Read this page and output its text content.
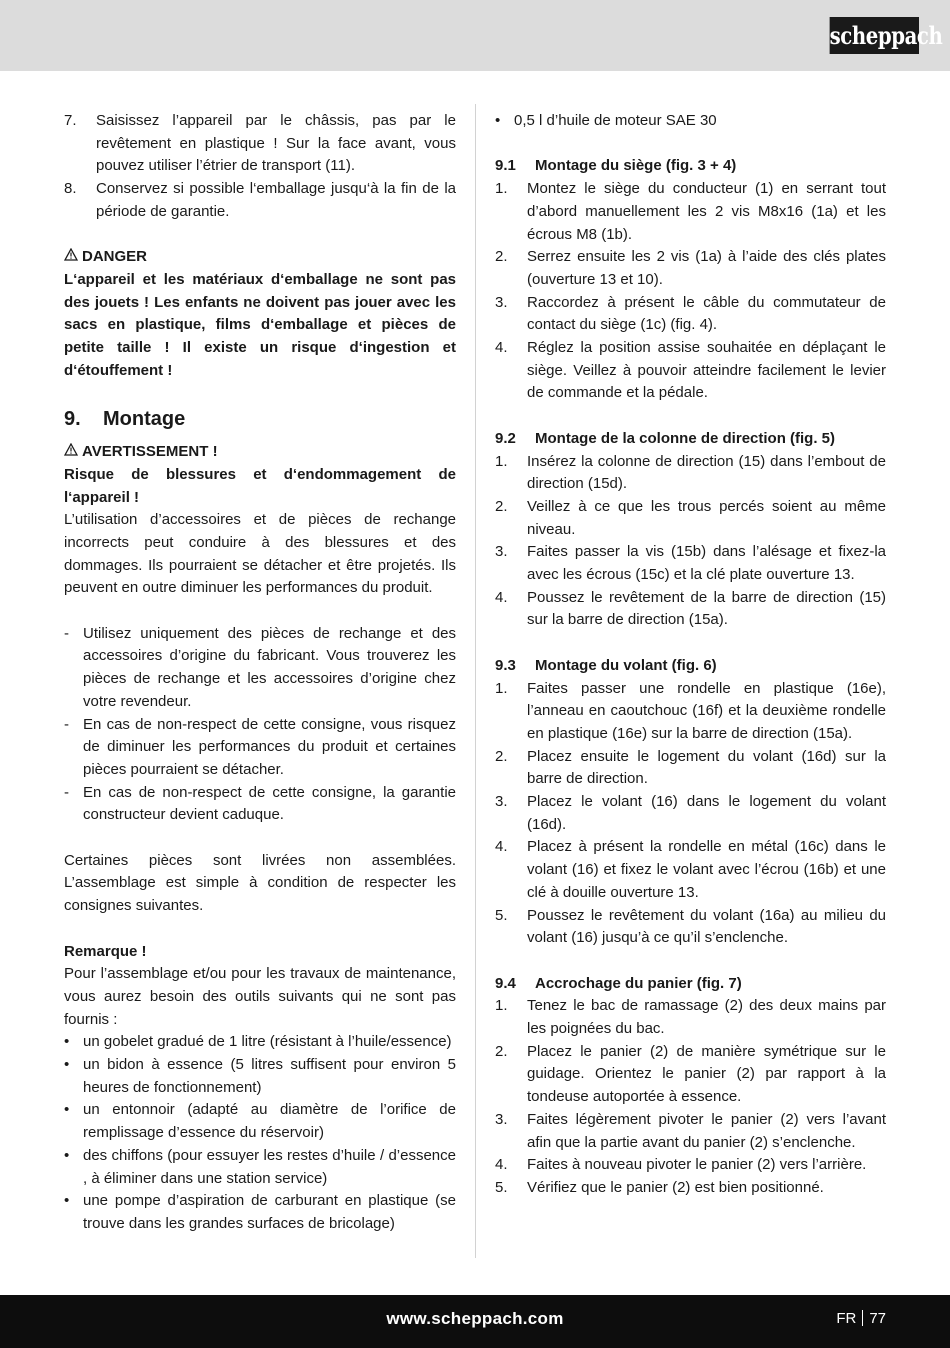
scheppach
7. Saisissez l’appareil par le châssis, pas par le revêtement en plastique ! Sur la face avant, vous pouvez utiliser l’étrier de transport (11).
8. Conservez si possible l‘emballage jusqu‘à la fin de la période de garantie.
DANGER
L‘appareil et les matériaux d‘emballage ne sont pas des jouets ! Les enfants ne doivent pas jouer avec les sacs en plastique, films d‘emballage et pièces de petite taille ! Il existe un risque d‘ingestion et d‘étouffement !
9. Montage
AVERTISSEMENT !
Risque de blessures et d‘endommagement de l‘appareil !
L’utilisation d’accessoires et de pièces de rechange incorrects peut conduire à des blessures et des dommages. Ils pourraient se détacher et être projetés. Ils peuvent en outre diminuer les performances du produit.
- Utilisez uniquement des pièces de rechange et des accessoires d’origine du fabricant. Vous trouverez les pièces de rechange et les accessoires d’origine chez votre revendeur.
- En cas de non-respect de cette consigne, vous risquez de diminuer les performances du produit et certaines pièces pourraient se détacher.
- En cas de non-respect de cette consigne, la garantie constructeur devient caduque.
Certaines pièces sont livrées non assemblées. L’assemblage est simple à condition de respecter les consignes suivantes.
Remarque !
Pour l’assemblage et/ou pour les travaux de maintenance, vous aurez besoin des outils suivants qui ne sont pas fournis :
• un gobelet gradué de 1 litre (résistant à l’huile/essence)
• un bidon à essence (5 litres suffisent pour environ 5 heures de fonctionnement)
• un entonnoir (adapté au diamètre de l’orifice de remplissage d’essence du réservoir)
• des chiffons (pour essuyer les restes d’huile / d’essence , à éliminer dans une station service)
• une pompe d’aspiration de carburant en plastique (se trouve dans les grandes surfaces de bricolage)
• 0,5 l d’huile de moteur SAE 30
9.1 Montage du siège (fig. 3 + 4)
1. Montez le siège du conducteur (1) en serrant tout d’abord manuellement les 2 vis M8x16 (1a) et les écrous M8 (1b).
2. Serrez ensuite les 2 vis (1a) à l’aide des clés plates (ouverture 13 et 10).
3. Raccordez à présent le câble du commutateur de contact du siège (1c) (fig. 4).
4. Réglez la position assise souhaitée en déplaçant le siège. Veillez à pouvoir atteindre facilement le levier de commande et la pédale.
9.2 Montage de la colonne de direction (fig. 5)
1. Insérez la colonne de direction (15) dans l’embout de direction (15d).
2. Veillez à ce que les trous percés soient au même niveau.
3. Faites passer la vis (15b) dans l’alésage et fixez-la avec les écrous (15c) et la clé plate ouverture 13.
4. Poussez le revêtement de la barre de direction (15) sur la barre de direction (15a).
9.3 Montage du volant (fig. 6)
1. Faites passer une rondelle en plastique (16e), l’anneau en caoutchouc (16f) et la deuxième rondelle en plastique (16e) sur la barre de direction (15a).
2. Placez ensuite le logement du volant (16d) sur la barre de direction.
3. Placez le volant (16) dans le logement du volant (16d).
4. Placez à présent la rondelle en métal (16c) dans le volant (16) et fixez le volant avec l’écrou (16b) et une clé à douille ouverture 13.
5. Poussez le revêtement du volant (16a) au milieu du volant (16) jusqu’à ce qu’il s’enclenche.
9.4 Accrochage du panier (fig. 7)
1. Tenez le bac de ramassage (2) des deux mains par les poignées du bac.
2. Placez le panier (2) de manière symétrique sur le guidage. Orientez le panier (2) par rapport à la tondeuse autoportée à essence.
3. Faites légèrement pivoter le panier (2) vers l’avant afin que la partie avant du panier (2) s’enclenche.
4. Faites à nouveau pivoter le panier (2) vers l’arrière.
5. Vérifiez que le panier (2) est bien positionné.
www.scheppach.com	FR 77
